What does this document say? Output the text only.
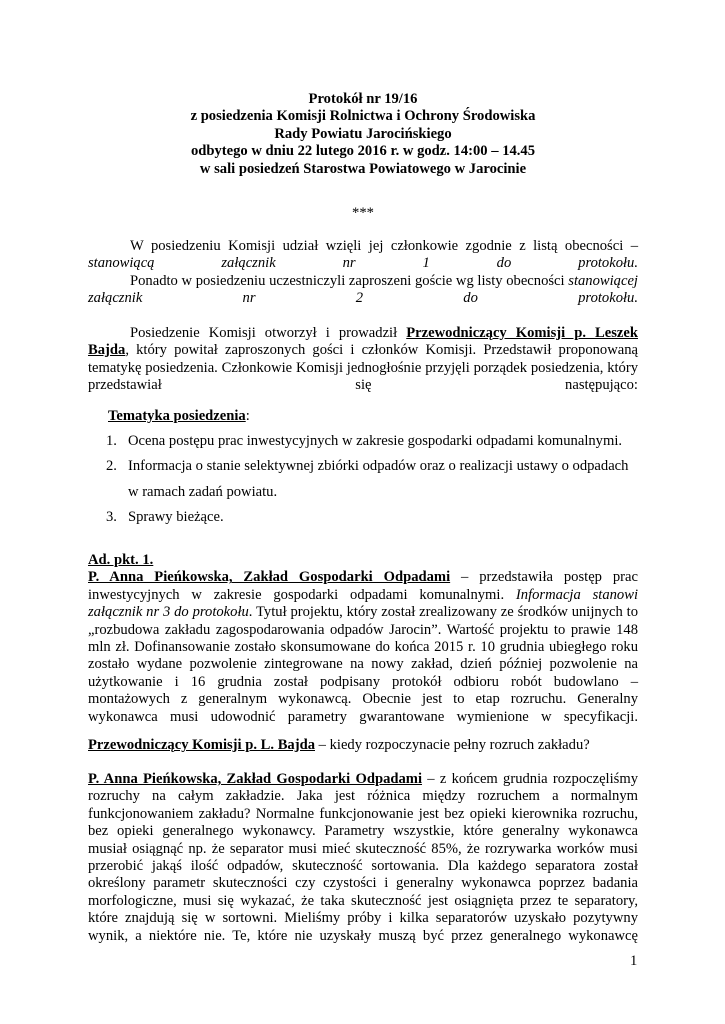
Protokół nr 19/16
z posiedzenia Komisji Rolnictwa i Ochrony Środowiska
Rady Powiatu Jarocińskiego
odbytego w dniu 22 lutego 2016 r. w godz. 14:00 – 14.45
w sali posiedzeń Starostwa Powiatowego w Jarocinie
***
W posiedzeniu Komisji udział wzięli jej członkowie zgodnie z listą obecności – stanowiącą załącznik nr 1 do protokołu.
Ponadto w posiedzeniu uczestniczyli zaproszeni goście wg listy obecności stanowiącej załącznik nr 2 do protokołu.
Posiedzenie Komisji otworzył i prowadził Przewodniczący Komisji p. Leszek Bajda, który powitał zaproszonych gości i członków Komisji. Przedstawił proponowaną tematykę posiedzenia. Członkowie Komisji jednogłośnie przyjęli porządek posiedzenia, który przedstawiał się następująco:
Tematyka posiedzenia:
1. Ocena postępu prac inwestycyjnych w zakresie gospodarki odpadami komunalnymi.
2. Informacja o stanie selektywnej zbiórki odpadów oraz o realizacji ustawy o odpadach
w ramach zadań powiatu.
3. Sprawy bieżące.
Ad. pkt. 1.
P. Anna Pieńkowska, Zakład Gospodarki Odpadami – przedstawiła postęp prac inwestycyjnych w zakresie gospodarki odpadami komunalnymi. Informacja stanowi załącznik nr 3 do protokołu. Tytuł projektu, który został zrealizowany ze środków unijnych to „rozbudowa zakładu zagospodarowania odpadów Jarocin”. Wartość projektu to prawie 148 mln zł. Dofinansowanie zostało skonsumowane do końca 2015 r. 10 grudnia ubiegłego roku zostało wydane pozwolenie zintegrowane na nowy zakład, dzień później pozwolenie na użytkowanie i 16 grudnia został podpisany protokół odbioru robót budowlano – montażowych z generalnym wykonawcą. Obecnie jest to etap rozruchu. Generalny wykonawca musi udowodnić parametry gwarantowane wymienione w specyfikacji.
Przewodniczący Komisji p. L. Bajda – kiedy rozpoczynacie pełny rozruch zakładu?
P. Anna Pieńkowska, Zakład Gospodarki Odpadami – z końcem grudnia rozpoczęliśmy rozruchy na całym zakładzie. Jaka jest różnica między rozruchem a normalnym funkcjonowaniem zakładu? Normalne funkcjonowanie jest bez opieki kierownika rozruchu, bez opieki generalnego wykonawcy. Parametry wszystkie, które generalny wykonawca musiał osiągnąć np. że separator musi mieć skuteczność 85%, że rozrywarka worków musi przerobić jakąś ilość odpadów, skuteczność sortowania. Dla każdego separatora został określony parametr skuteczności czy czystości i generalny wykonawca poprzez badania morfologiczne, musi się wykazać, że taka skuteczność jest osiągnięta przez te separatory, które znajdują się w sortowni. Mieliśmy próby i kilka separatorów uzyskało pozytywny wynik, a niektóre nie. Te, które nie uzyskały muszą być przez generalnego wykonawcę
1
